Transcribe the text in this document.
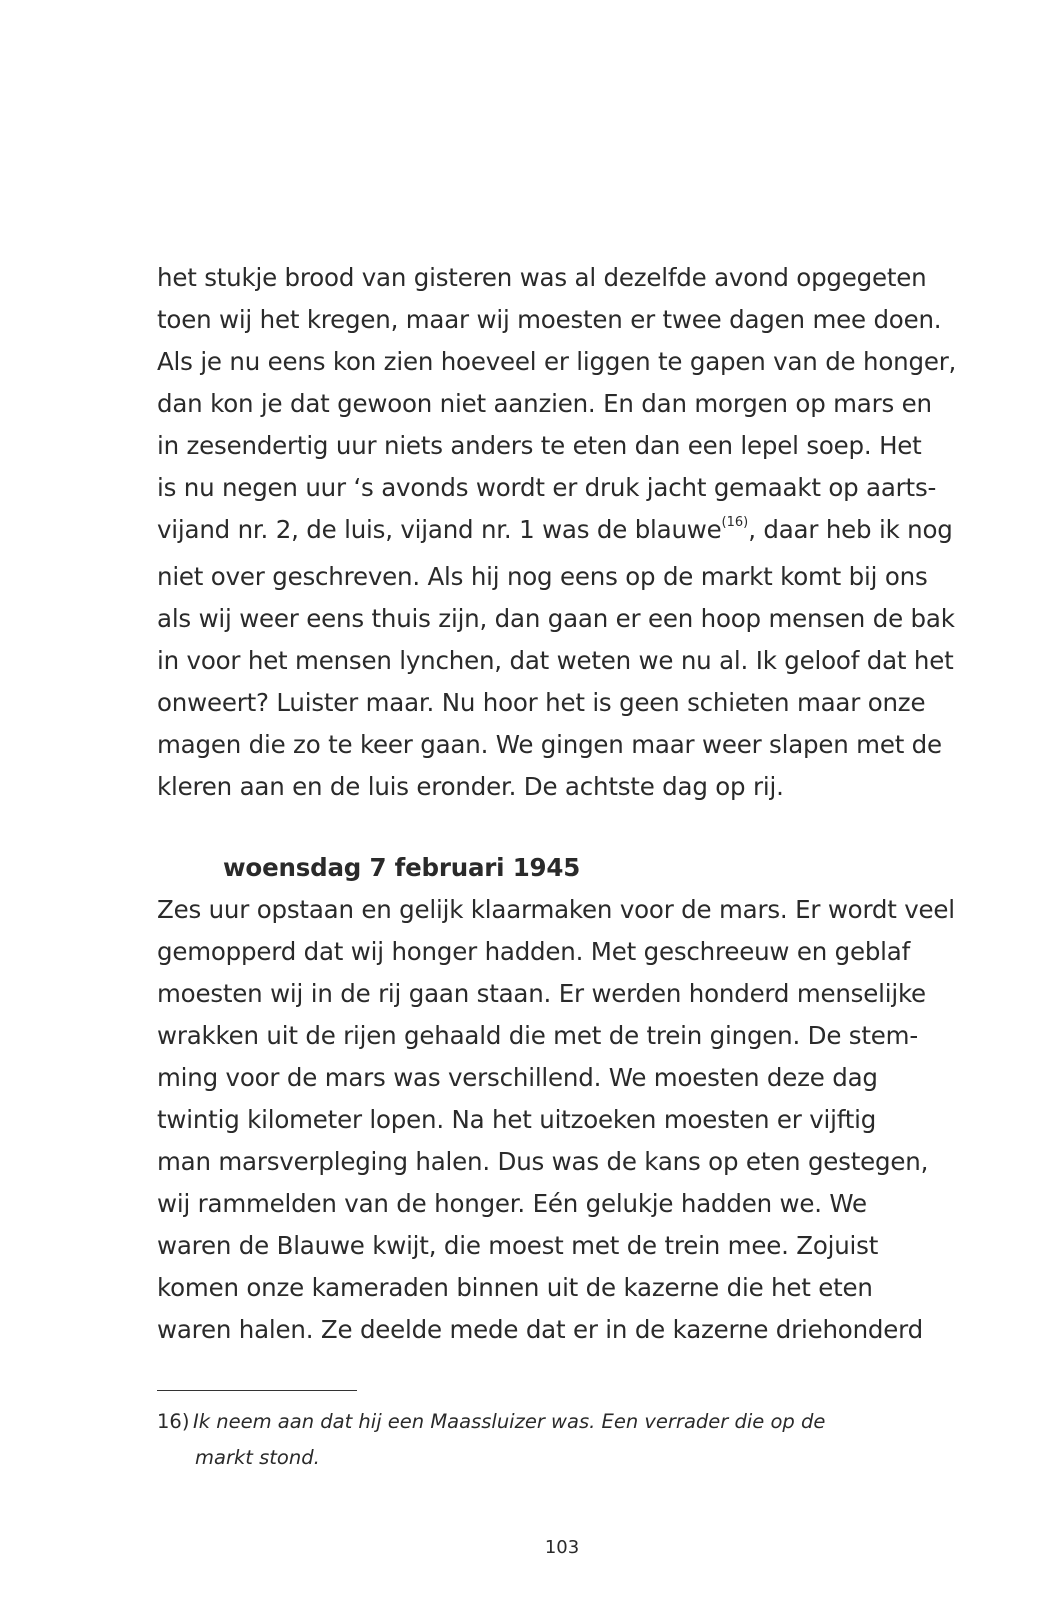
het stukje brood van gisteren was al dezelfde avond opgegeten
toen wij het kregen, maar wij moesten er twee dagen mee doen.
Als je nu eens kon zien hoeveel er liggen te gapen van de honger,
dan kon je dat gewoon niet aanzien. En dan morgen op mars en
in zesendertig uur niets anders te eten dan een lepel soep. Het
is nu negen uur ‘s avonds wordt er druk jacht gemaakt op aarts-
vijand nr. 2, de luis, vijand nr. 1 was de blauwe$^{(16)}$, daar heb ik nog
niet over geschreven. Als hij nog eens op de markt komt bij ons
als wij weer eens thuis zijn, dan gaan er een hoop mensen de bak
in voor het mensen lynchen, dat weten we nu al. Ik geloof dat het
onweert? Luister maar. Nu hoor het is geen schieten maar onze
magen die zo te keer gaan. We gingen maar weer slapen met de
kleren aan en de luis eronder. De achtste dag op rij.
woensdag 7 februari 1945
Zes uur opstaan en gelijk klaarmaken voor de mars. Er wordt veel
gemopperd dat wij honger hadden. Met geschreeuw en geblaf
moesten wij in de rij gaan staan. Er werden honderd menselijke
wrakken uit de rijen gehaald die met de trein gingen. De stem-
ming voor de mars was verschillend. We moesten deze dag
twintig kilometer lopen. Na het uitzoeken moesten er vijftig
man marsverpleging halen. Dus was de kans op eten gestegen,
wij rammelden van de honger. Eén gelukje hadden we. We
waren de Blauwe kwijt, die moest met de trein mee. Zojuist
komen onze kameraden binnen uit de kazerne die het eten
waren halen. Ze deelde mede dat er in de kazerne driehonderd
16) Ik neem aan dat hij een Maassluizer was. Een verrader die op de
markt stond.
103
